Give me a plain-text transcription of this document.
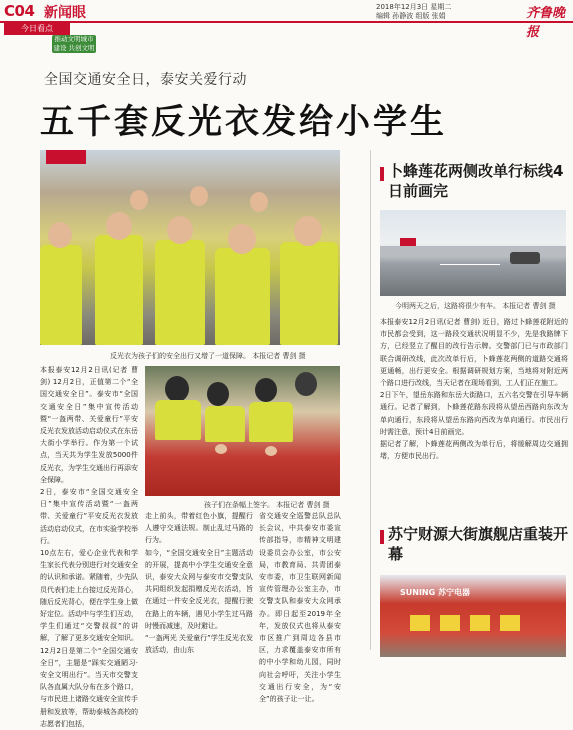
C04 新闻眼	2018年12月3日 星期二
编辑 孙静波 组版 张娟	齐鲁晚报
今日看点
推动文明城市建设 共创文明家园
全国交通安全日，泰安关爱行动
五千套反光衣发给小学生
反光衣为孩子们的安全出行又增了一道保障。 本报记者 曹剑 摄
本报泰安12月2日讯(记者 曹剑) 12月2日，正值第二个“全国交通安全日”。泰安市“全国交通安全日”集中宣传活动暨“一盔两带、关爱童行”平安反光衣发放活动启动仪式在东岳大街小学举行。作为第一个试点，当天共为学生发放5000件反光衣，为学生交通出行再添安全保障。
2日，泰安市“全国交通安全日”集中宣传活动暨“一盔两带、关爱童行”平安反光衣发放活动启动仪式，在市实验学校举行。
10点左右，爱心企业代表和学生家长代表分别进行对交通安全的认识和承诺。紧随着，少先队员代表们走上台接过反光背心，随后反光背心，便在学生身上做好定位。活动中与学生们互动，学生们通过“交警叔叔”的讲解，了解了更多交通安全知识。
12月2日是第二个“全国交通安全日”，主题是“踩实交通陋习·安全文明出行”。当天市交警支队各直属大队分布在多个路口，与市民进上诸路交通安全宣传手册和发放等，帮助泰城各高校的志愿者们包括，
孩子们在条幅上签字。 本报记者 曹剑 摄
走上前头，带着红色小旗，提醒行人遵守交通法规。制止乱过马路的行为。
如今，“全国交通安全日”主题活动的开展，提高中小学生交通安全意识，泰安大众网与泰安市交警支队共同组织发起捐赠反光衣活动，旨在通过一件安全反光衣，提醒行驶在路上的车辆，遇见小学生过马路时慢而减速，及时避让。
“一盔两光 关爱童行”学生反光衣发放活动，由山东
省交通安全巡警总队总队长会议，中共泰安市委宣传部指导，市精神文明建设委员会办公室，市公安局，市教育局、共青团泰安市委，市卫生联网新闻宣传管理办公室主办，市交警支队和泰安大众网承办。即日起至2019年全年，发放仪式也将从泰安市区推广到周边各县市区，力求覆盖泰安市所有的中小学和幼儿园，同时向社会呼吁，关注小学生交通出行安全，为“安全”的孩子让一让。
卜蜂莲花两侧改单行标线4日前画完
今明两天之后，这路将很少有车。 本报记者 曹剑 摄
本报泰安12月2日讯(记者 曹剑) 近日，路过卜蜂莲花附近的市民都会受到，这一路段交通状况明显不少，先是我路牌下方，已经竖立了醒目的改行告示牌。交警部门已与市政部门联合调研改线，此次改单行后，卜蜂莲花两侧的道路交通将更通畅，出行更安全。根据调研规划方案，当地将对附近两个路口进行改线，当天记者在现场看到，工人们正在施工。
2日下午，望岳东路和东岳大街路口，五六名交警在引导车辆通行。记者了解到，卜蜂莲花路东段将从望岳西路向东改为单向通行，东段将从望岳东路向西改为单向通行。市民出行时需注意，预计4日前画完。
据记者了解，卜蜂莲花两侧改为单行后，将缓解周边交通拥堵，方便市民出行。
苏宁财源大街旗舰店重装开幕
SUNING 苏宁电器
